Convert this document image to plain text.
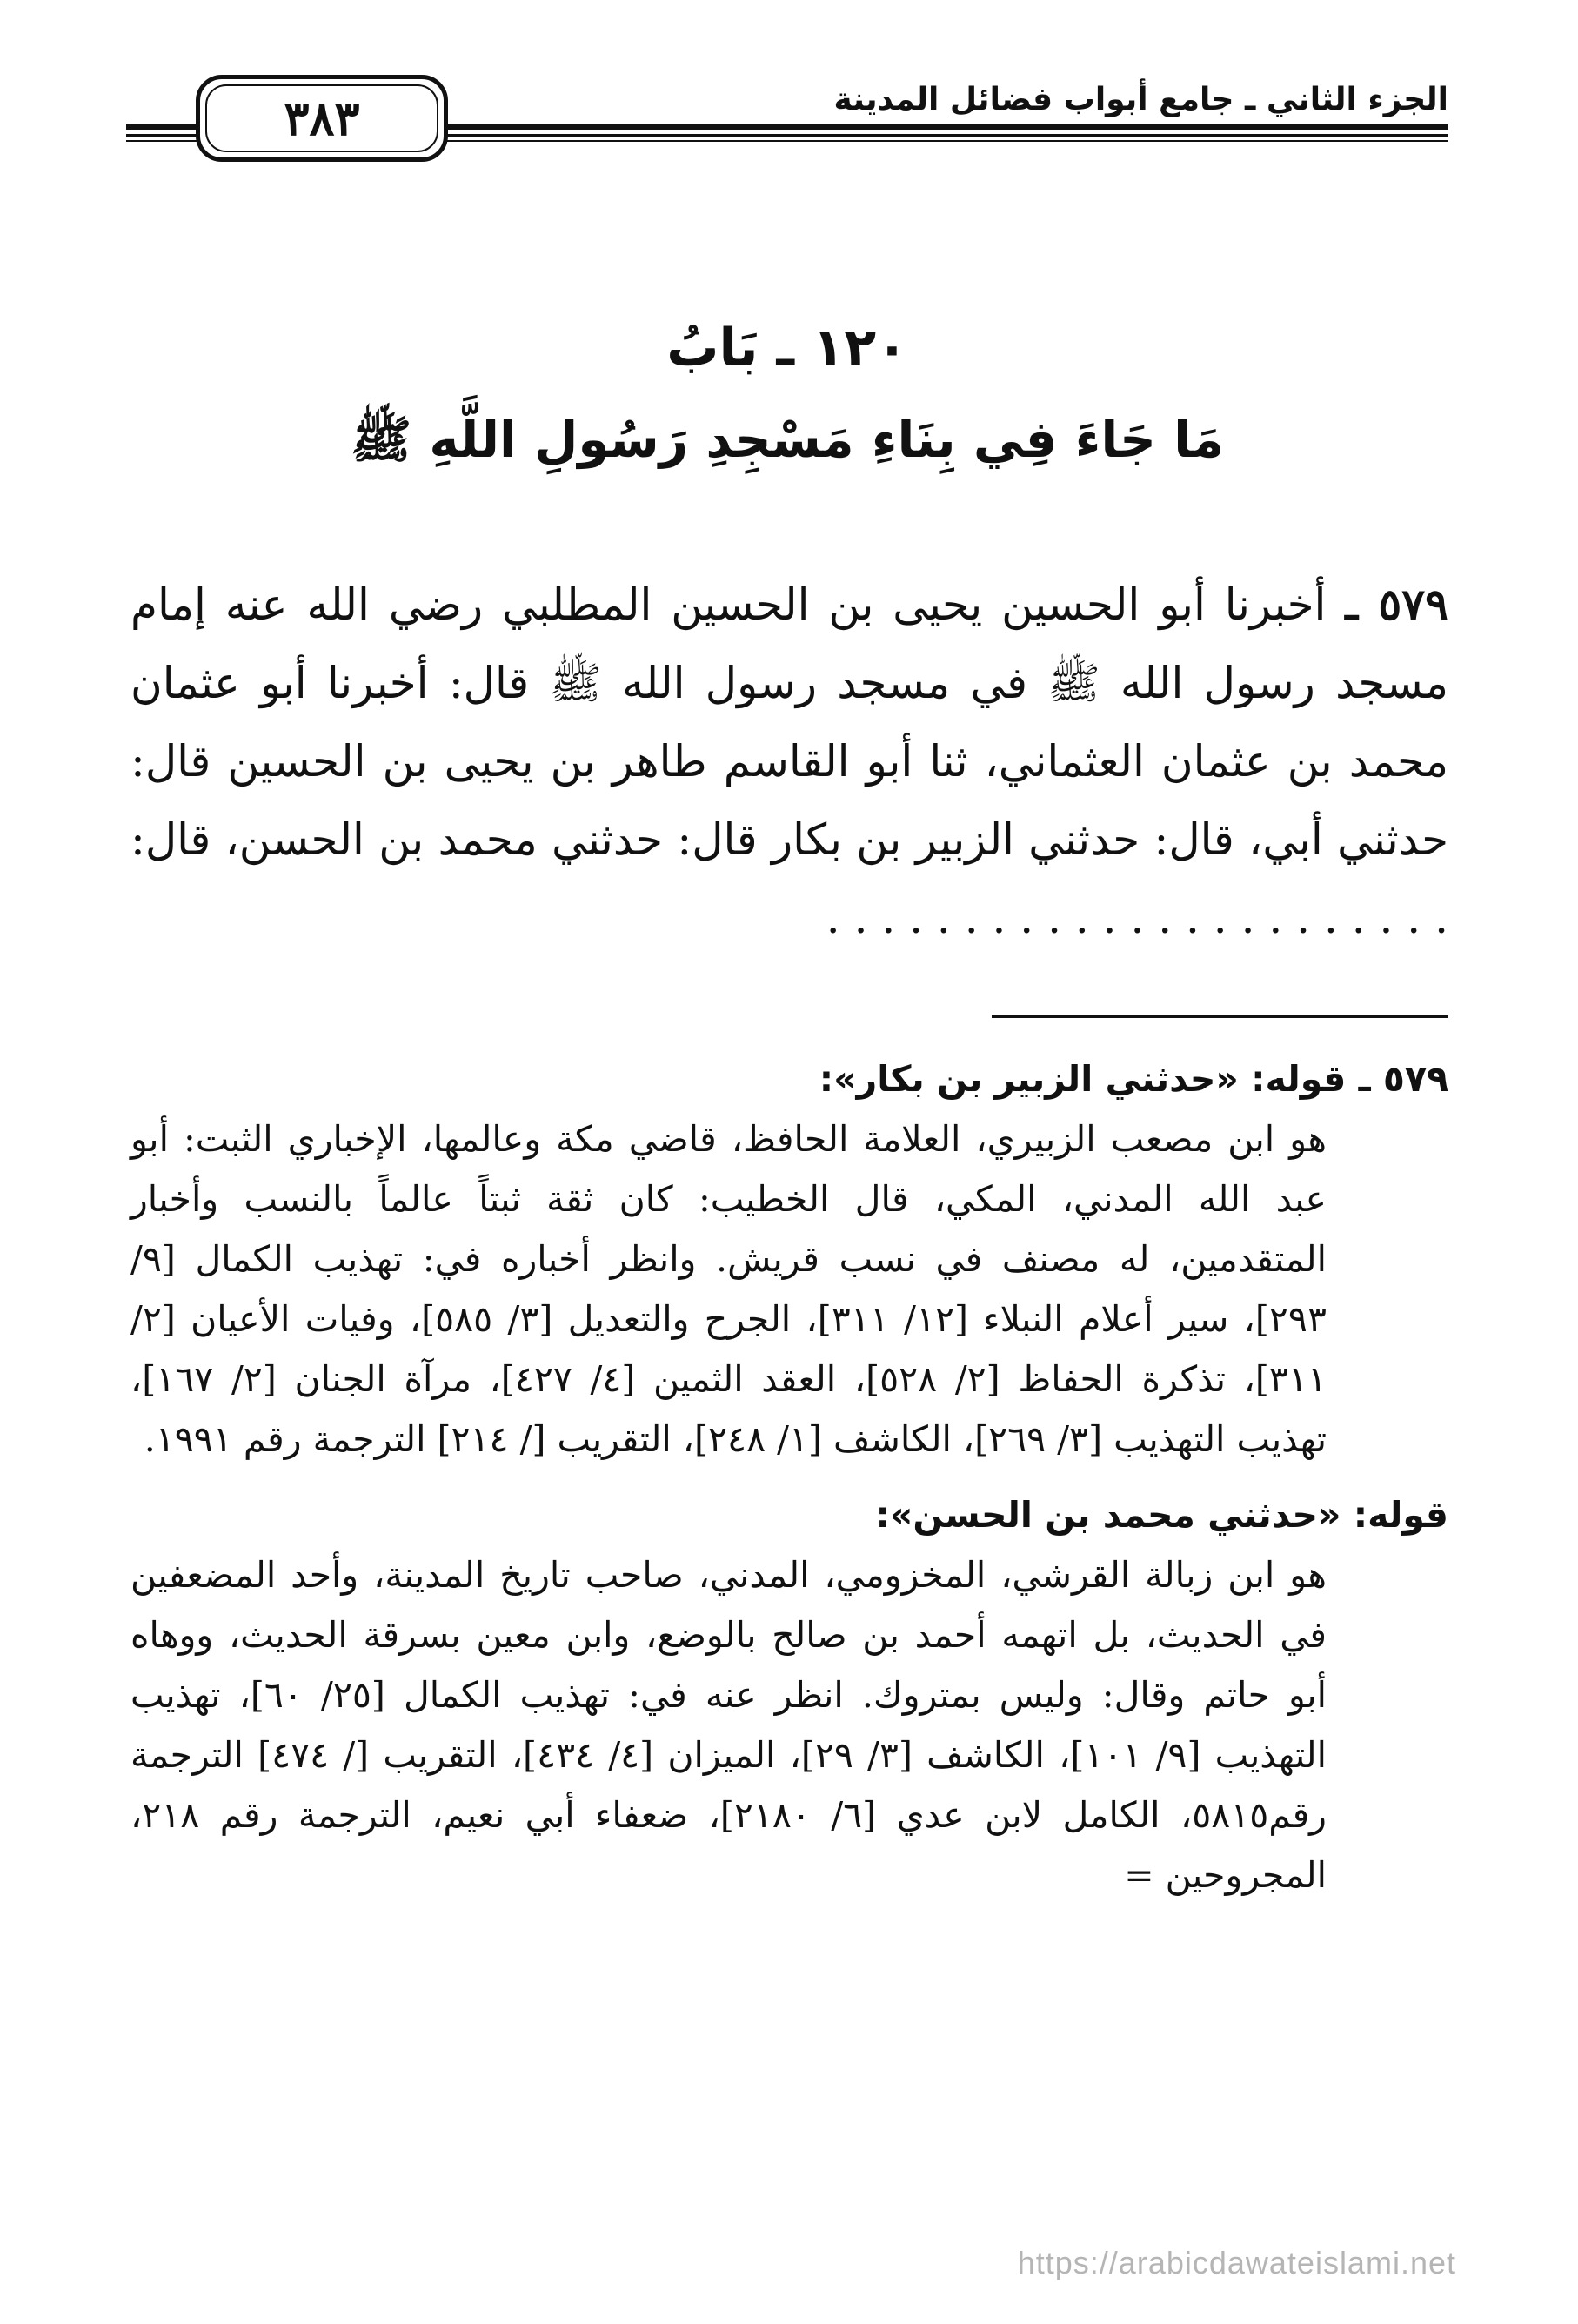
الجزء الثاني ـ جامع أبواب فضائل المدينة
٣٨٣
١٢٠ ـ بَابُ
مَا جَاءَ فِي بِنَاءِ مَسْجِدِ رَسُولِ اللَّهِ ﷺ
٥٧٩ ـ أخبرنا أبو الحسين يحيى بن الحسين المطلبي رضي الله عنه إمام مسجد رسول الله ﷺ في مسجد رسول الله ﷺ قال: أخبرنا أبو عثمان محمد بن عثمان العثماني، ثنا أبو القاسم طاهر بن يحيى بن الحسين قال: حدثني أبي، قال: حدثني الزبير بن بكار قال: حدثني محمد بن الحسن، قال: . . . . . . . . . . . . . . . . . . . . . . .
٥٧٩ ـ قوله: «حدثني الزبير بن بكار»:
هو ابن مصعب الزبيري، العلامة الحافظ، قاضي مكة وعالمها، الإخباري الثبت: أبو عبد الله المدني، المكي، قال الخطيب: كان ثقة ثبتاً عالماً بالنسب وأخبار المتقدمين، له مصنف في نسب قريش. وانظر أخباره في: تهذيب الكمال [٩/ ٢٩٣]، سير أعلام النبلاء [١٢/ ٣١١]، الجرح والتعديل [٣/ ٥٨٥]، وفيات الأعيان [٢/ ٣١١]، تذكرة الحفاظ [٢/ ٥٢٨]، العقد الثمين [٤/ ٤٢٧]، مرآة الجنان [٢/ ١٦٧]، تهذيب التهذيب [٣/ ٢٦٩]، الكاشف [١/ ٢٤٨]، التقريب [/ ٢١٤] الترجمة رقم ١٩٩١.
قوله: «حدثني محمد بن الحسن»:
هو ابن زبالة القرشي، المخزومي، المدني، صاحب تاريخ المدينة، وأحد المضعفين في الحديث، بل اتهمه أحمد بن صالح بالوضع، وابن معين بسرقة الحديث، ووهاه أبو حاتم وقال: وليس بمتروك. انظر عنه في: تهذيب الكمال [٢٥/ ٦٠]، تهذيب التهذيب [٩/ ١٠١]، الكاشف [٣/ ٢٩]، الميزان [٤/ ٤٣٤]، التقريب [/ ٤٧٤] الترجمة رقم٥٨١٥، الكامل لابن عدي [٦/ ٢١٨٠]، ضعفاء أبي نعيم، الترجمة رقم ٢١٨، المجروحين =
https://arabicdawateislami.net
